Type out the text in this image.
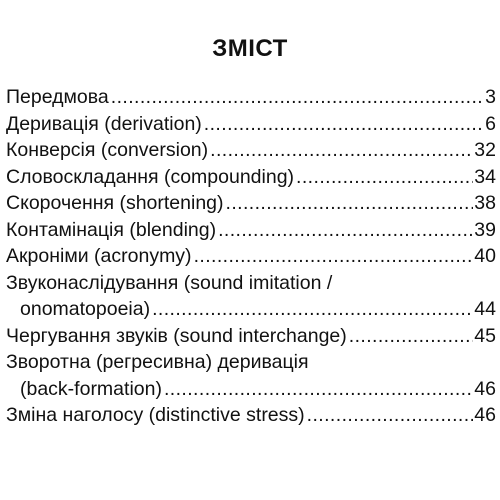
ЗМІСТ
Передмова .....	3
Деривація (derivation) .....	6
Конверсія (conversion) .....	32
Словоскладання (compounding) .....	34
Скорочення (shortening) .....	38
Контамінація (blending) .....	39
Акроніми (acronymy) .....	40
Звуконаслідування (sound imitation /
onomatopoeia) .....	44
Чергування звуків (sound interchange) .....	45
Зворотна (регресивна) деривація
(back-formation) .....	46
Зміна наголосу (distinctive stress) .....	46
